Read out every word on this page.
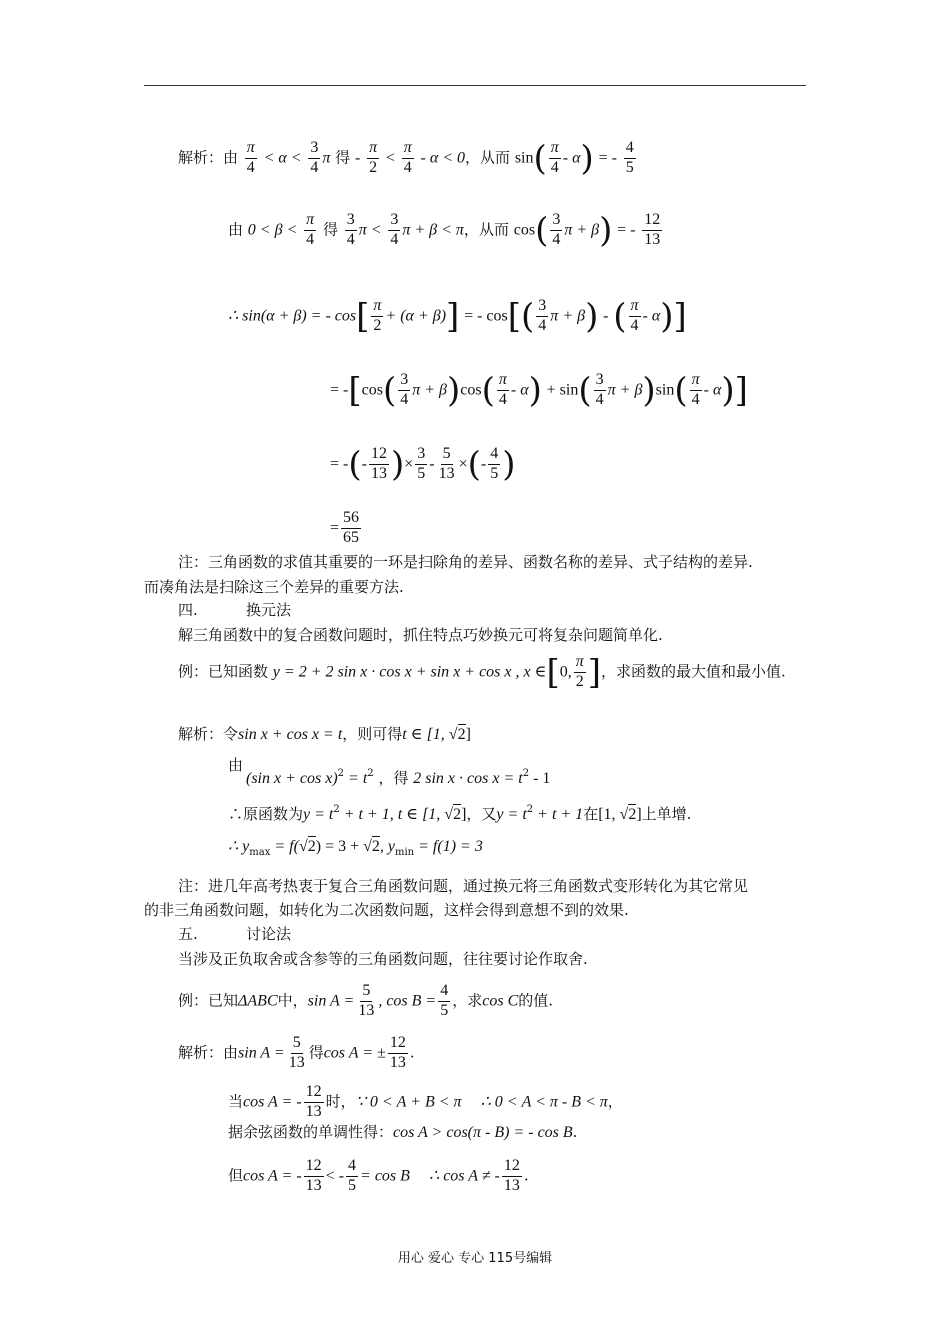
解析：由 $\frac{\pi}{4} < \alpha < \frac{3}{4}$ π 得 - $\frac{\pi}{2} < \frac{\pi}{4} - \alpha < 0$，从而 $\sin( \frac{\pi}{4} - \alpha)$ = - $\frac{4}{5}$
由 $0 < \beta < \frac{\pi}{4}$ 得 $\frac{3}{4}$ $\pi < \frac{3}{4}$ π + β < π，从而 $\cos( \frac{3}{4}$ π + β) = - $\frac{12}{13}$
∴ sin(α + β) = - $\cos[ \frac{\pi}{2} + (\alpha + \beta)]$ = - $\cos[( \frac{3}{4}$ π + β) - ( $\frac{\pi}{4} - \alpha$)]
= $-[\cos( \frac{3}{4}$ $\pi + \beta)\cos( \frac{\pi}{4} - \alpha) + \sin( \frac{3}{4}$ $\pi + \beta)\sin( \frac{\pi}{4} - \alpha)$]
= -(- $\frac{12}{13}$ )× $\frac{3}{5} - \frac{5}{13}$ ×(- $\frac{4}{5}$ )
= $\frac{56}{65}$
注：三角函数的求值其重要的一环是扫除角的差异、函数名称的差异、式子结构的差异.
而凑角法是扫除这三个差异的重要方法.
四.	换元法
解三角函数中的复合函数问题时，抓住特点巧妙换元可将复杂问题简单化.
例：已知函数 y = 2 + 2 sin x · cos x + sin x + cos x , x ∈[0, $\frac{\pi}{2}$ ]，求函数的最大值和最小值.
解析：令sin x + cos x = t，则可得t ∈ [1, √2]
由
(sin $x + \cos x)^2 = t^2$ ，得 2 $\sin x \cdot \cos x = t^2 - 1$
∴原函数为$y = t^2 + t + 1$, t ∈ [1, √2]，又$y = t^2 + t + 1$在[1, √2]上单增.
∴ $y_{max} = f(√2) = 3 + √2$, $y_{min} = f(1) = 3$
注：进几年高考热衷于复合三角函数问题，通过换元将三角函数式变形转化为其它常见
的非三角函数问题，如转化为二次函数问题，这样会得到意想不到的效果.
五.	讨论法
当涉及正负取舍或含参等的三角函数问题，往往要讨论作取舍.
例：已知ΔABC中，$\sin A = \frac{5}{13}$ , $\cos B = \frac{4}{5}$ ，求cos C的值.
解析：由$\sin A = \frac{5}{13}$ 得cos A = ± $\frac{12}{13}$ .
当cos A = - $\frac{12}{13}$ 时，∵ 0 < A + B < π ∴ 0 < A < π - B < π，
据余弦函数的单调性得：cos A > cos(π - B) = - cos B.
但cos A = - $\frac{12}{13}$ < - $\frac{4}{5} = \cos B$ ∴ cos A ≠ - $\frac{12}{13}$ .
用心 爱心 专心 115号编辑
